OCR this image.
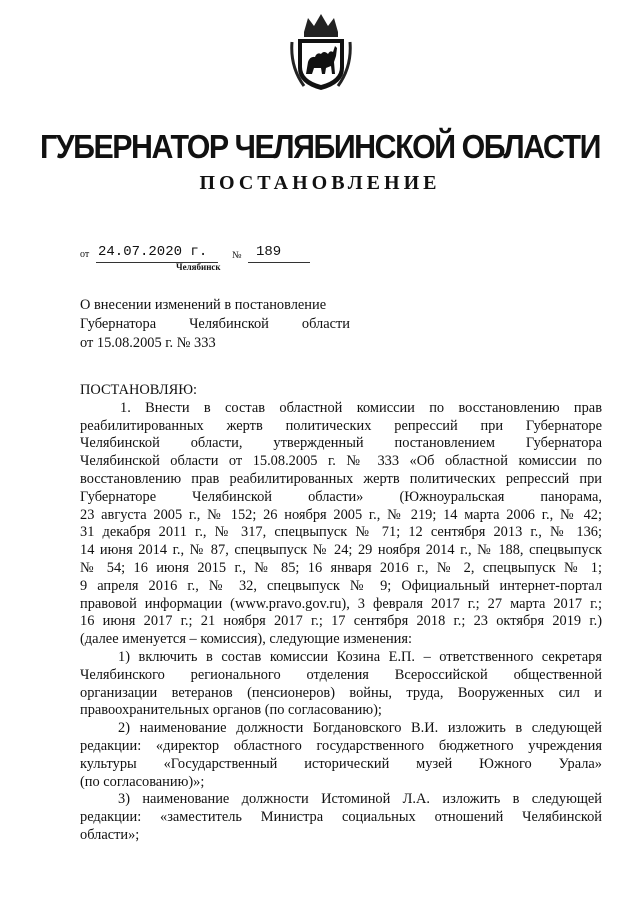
ГУБЕРНАТОР ЧЕЛЯБИНСКОЙ ОБЛАСТИ
ПОСТАНОВЛЕНИЕ
от 24.07.2020 г. № 189
Челябинск
О внесении изменений в постановление
Губернатора Челябинской области
от 15.08.2005 г. № 333
ПОСТАНОВЛЯЮ:
1. Внести в состав областной комиссии по восстановлению прав
реабилитированных жертв политических репрессий при Губернаторе
Челябинской области, утвержденный постановлением Губернатора
Челябинской области от 15.08.2005 г. № 333 «Об областной комиссии по
восстановлению прав реабилитированных жертв политических репрессий при
Губернаторе Челябинской области» (Южноуральская панорама,
23 августа 2005 г., № 152; 26 ноября 2005 г., № 219; 14 марта 2006 г., № 42;
31 декабря 2011 г., № 317, спецвыпуск № 71; 12 сентября 2013 г., № 136;
14 июня 2014 г., № 87, спецвыпуск № 24; 29 ноября 2014 г., № 188, спецвыпуск
№ 54; 16 июня 2015 г., № 85; 16 января 2016 г., № 2, спецвыпуск № 1;
9 апреля 2016 г., № 32, спецвыпуск № 9; Официальный интернет-портал
правовой информации (www.pravo.gov.ru), 3 февраля 2017 г.; 27 марта 2017 г.;
16 июня 2017 г.; 21 ноября 2017 г.; 17 сентября 2018 г.; 23 октября 2019 г.)
(далее именуется – комиссия), следующие изменения:
1) включить в состав комиссии Козина Е.П. – ответственного секретаря
Челябинского регионального отделения Всероссийской общественной
организации ветеранов (пенсионеров) войны, труда, Вооруженных сил и
правоохранительных органов (по согласованию);
2) наименование должности Богдановского В.И. изложить в следующей
редакции: «директор областного государственного бюджетного учреждения
культуры «Государственный исторический музей Южного Урала»
(по согласованию)»;
3) наименование должности Истоминой Л.А. изложить в следующей
редакции: «заместитель Министра социальных отношений Челябинской
области»;
